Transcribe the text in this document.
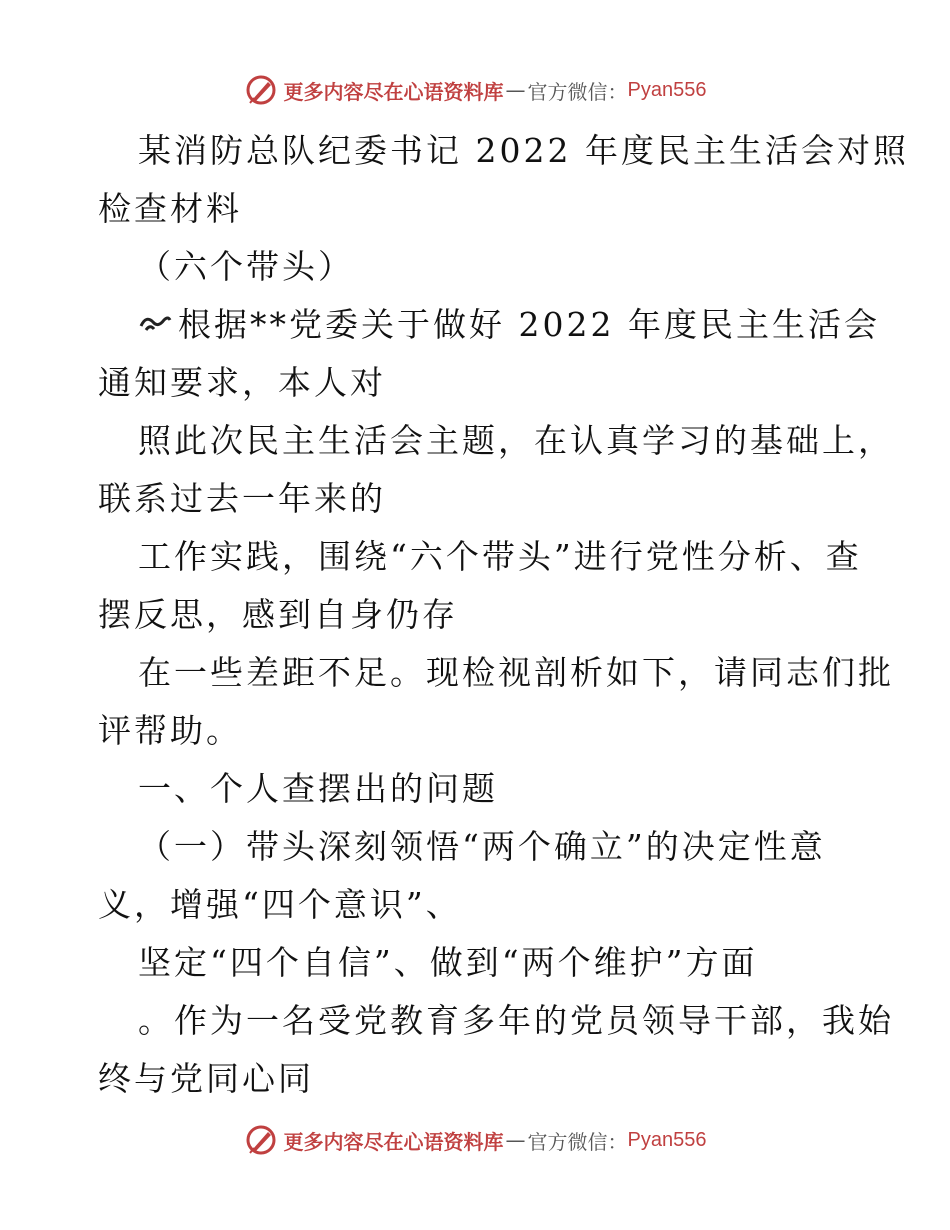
更多内容尽在心语资料库 — 官方微信： Pyan556
某消防总队纪委书记 2022 年度民主生活会对照
检查材料
（六个带头）
根据**党委关于做好 2022 年度民主生活会
通知要求，本人对
照此次民主生活会主题，在认真学习的基础上，
联系过去一年来的
工作实践，围绕“六个带头”进行党性分析、查
摆反思，感到自身仍存
在一些差距不足。现检视剖析如下，请同志们批
评帮助。
一、个人查摆出的问题
（一）带头深刻领悟“两个确立”的决定性意
义，增强“四个意识”、
坚定“四个自信”、做到“两个维护”方面
。作为一名受党教育多年的党员领导干部，我始
终与党同心同
更多内容尽在心语资料库 — 官方微信： Pyan556
